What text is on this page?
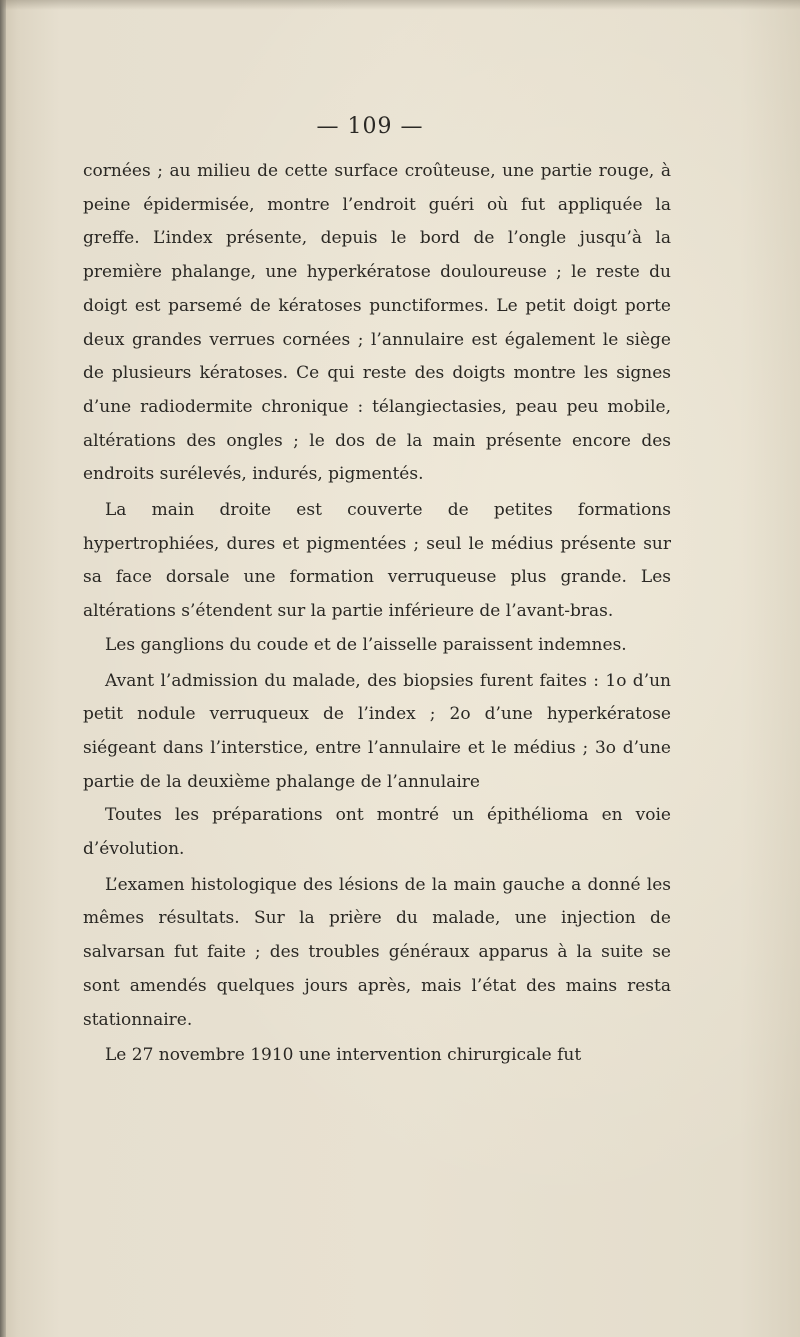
— 109 —

cornées ; au milieu de cette surface croûteuse, une partie rouge, à peine épidermisée, montre l’endroit guéri où fut appliquée la greffe. L’index présente, depuis le bord de l’ongle jusqu’à la première phalange, une hyperkératose douloureuse ; le reste du doigt est parsemé de kératoses punctiformes. Le petit doigt porte deux grandes verrues cornées ; l’annulaire est également le siège de plusieurs kératoses. Ce qui reste des doigts montre les signes d’une radiodermite chronique : télangiectasies, peau peu mobile, altérations des ongles ; le dos de la main présente encore des endroits surélevés, indurés, pigmentés.

La main droite est couverte de petites formations hypertrophiées, dures et pigmentées ; seul le médius présente sur sa face dorsale une formation verruqueuse plus grande. Les altérations s’étendent sur la partie inférieure de l’avant-bras.

Les ganglions du coude et de l’aisselle paraissent indemnes.

Avant l’admission du malade, des biopsies furent faites : 1o d’un petit nodule verruqueux de l’index ; 2o d’une hyperkératose siégeant dans l’interstice, entre l’annulaire et le médius ; 3o d’une partie de la deuxième phalange de l’annulaire

Toutes les préparations ont montré un épithélioma en voie d’évolution.

L’examen histologique des lésions de la main gauche a donné les mêmes résultats. Sur la prière du malade, une injection de salvarsan fut faite ; des troubles généraux apparus à la suite se sont amendés quelques jours après, mais l’état des mains resta stationnaire.

Le 27 novembre 1910 une intervention chirurgicale fut
